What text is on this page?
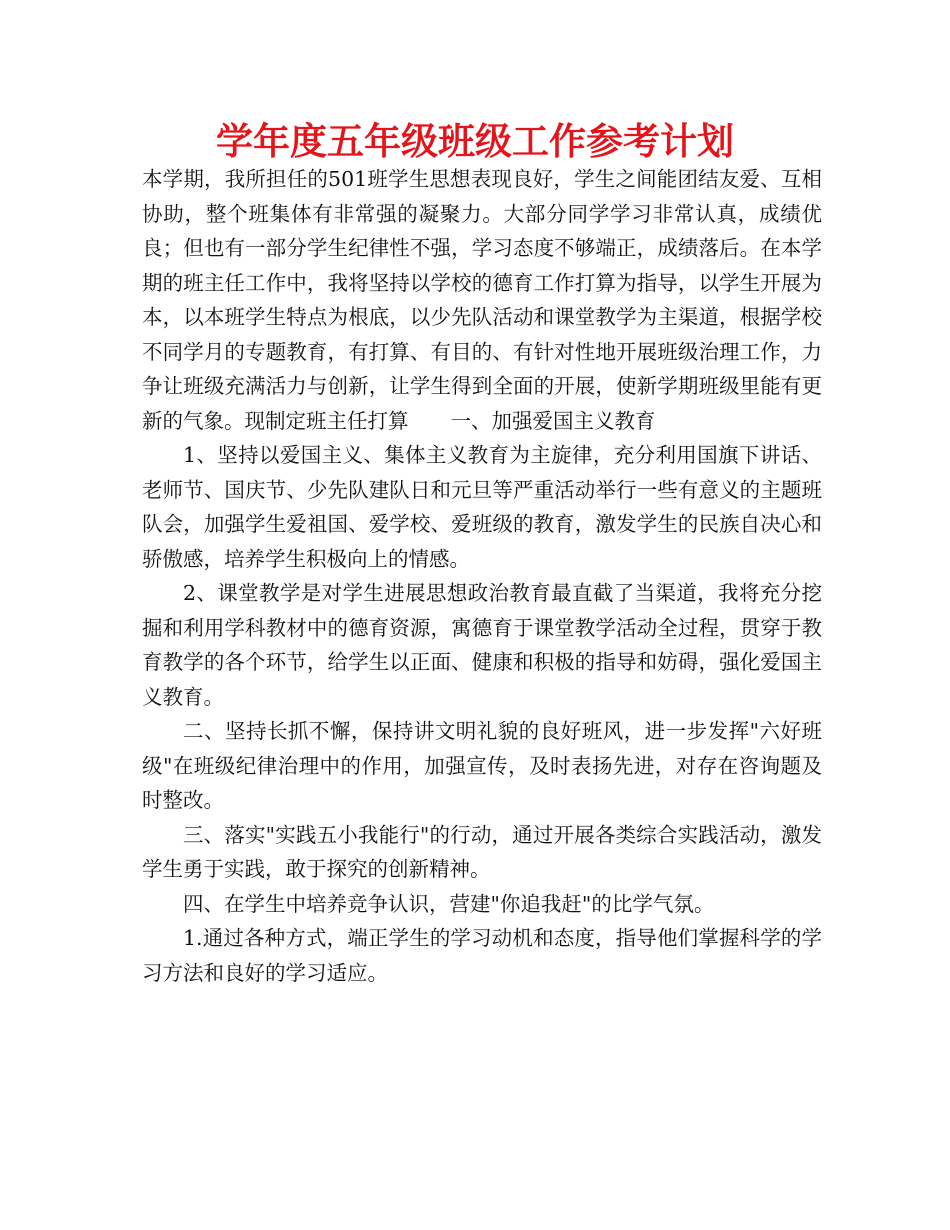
学年度五年级班级工作参考计划

本学期，我所担任的501班学生思想表现良好，学生之间能团结友爱、互相协助，整个班集体有非常强的凝聚力。大部分同学学习非常认真，成绩优良；但也有一部分学生纪律性不强，学习态度不够端正，成绩落后。在本学期的班主任工作中，我将坚持以学校的德育工作打算为指导，以学生开展为本，以本班学生特点为根底，以少先队活动和课堂教学为主渠道，根据学校不同学月的专题教育，有打算、有目的、有针对性地开展班级治理工作，力争让班级充满活力与创新，让学生得到全面的开展，使新学期班级里能有更新的气象。现制定班主任打算 一、加强爱国主义教育

1、坚持以爱国主义、集体主义教育为主旋律，充分利用国旗下讲话、老师节、国庆节、少先队建队日和元旦等严重活动举行一些有意义的主题班队会，加强学生爱祖国、爱学校、爱班级的教育，激发学生的民族自决心和骄傲感，培养学生积极向上的情感。

2、课堂教学是对学生进展思想政治教育最直截了当渠道，我将充分挖掘和利用学科教材中的德育资源，寓德育于课堂教学活动全过程，贯穿于教育教学的各个环节，给学生以正面、健康和积极的指导和妨碍，强化爱国主义教育。

二、坚持长抓不懈，保持讲文明礼貌的良好班风，进一步发挥"六好班级"在班级纪律治理中的作用，加强宣传，及时表扬先进，对存在咨询题及时整改。

三、落实"实践五小我能行"的行动，通过开展各类综合实践活动，激发学生勇于实践，敢于探究的创新精神。

四、在学生中培养竞争认识，营建"你追我赶"的比学气氛。

1.通过各种方式，端正学生的学习动机和态度，指导他们掌握科学的学习方法和良好的学习适应。
